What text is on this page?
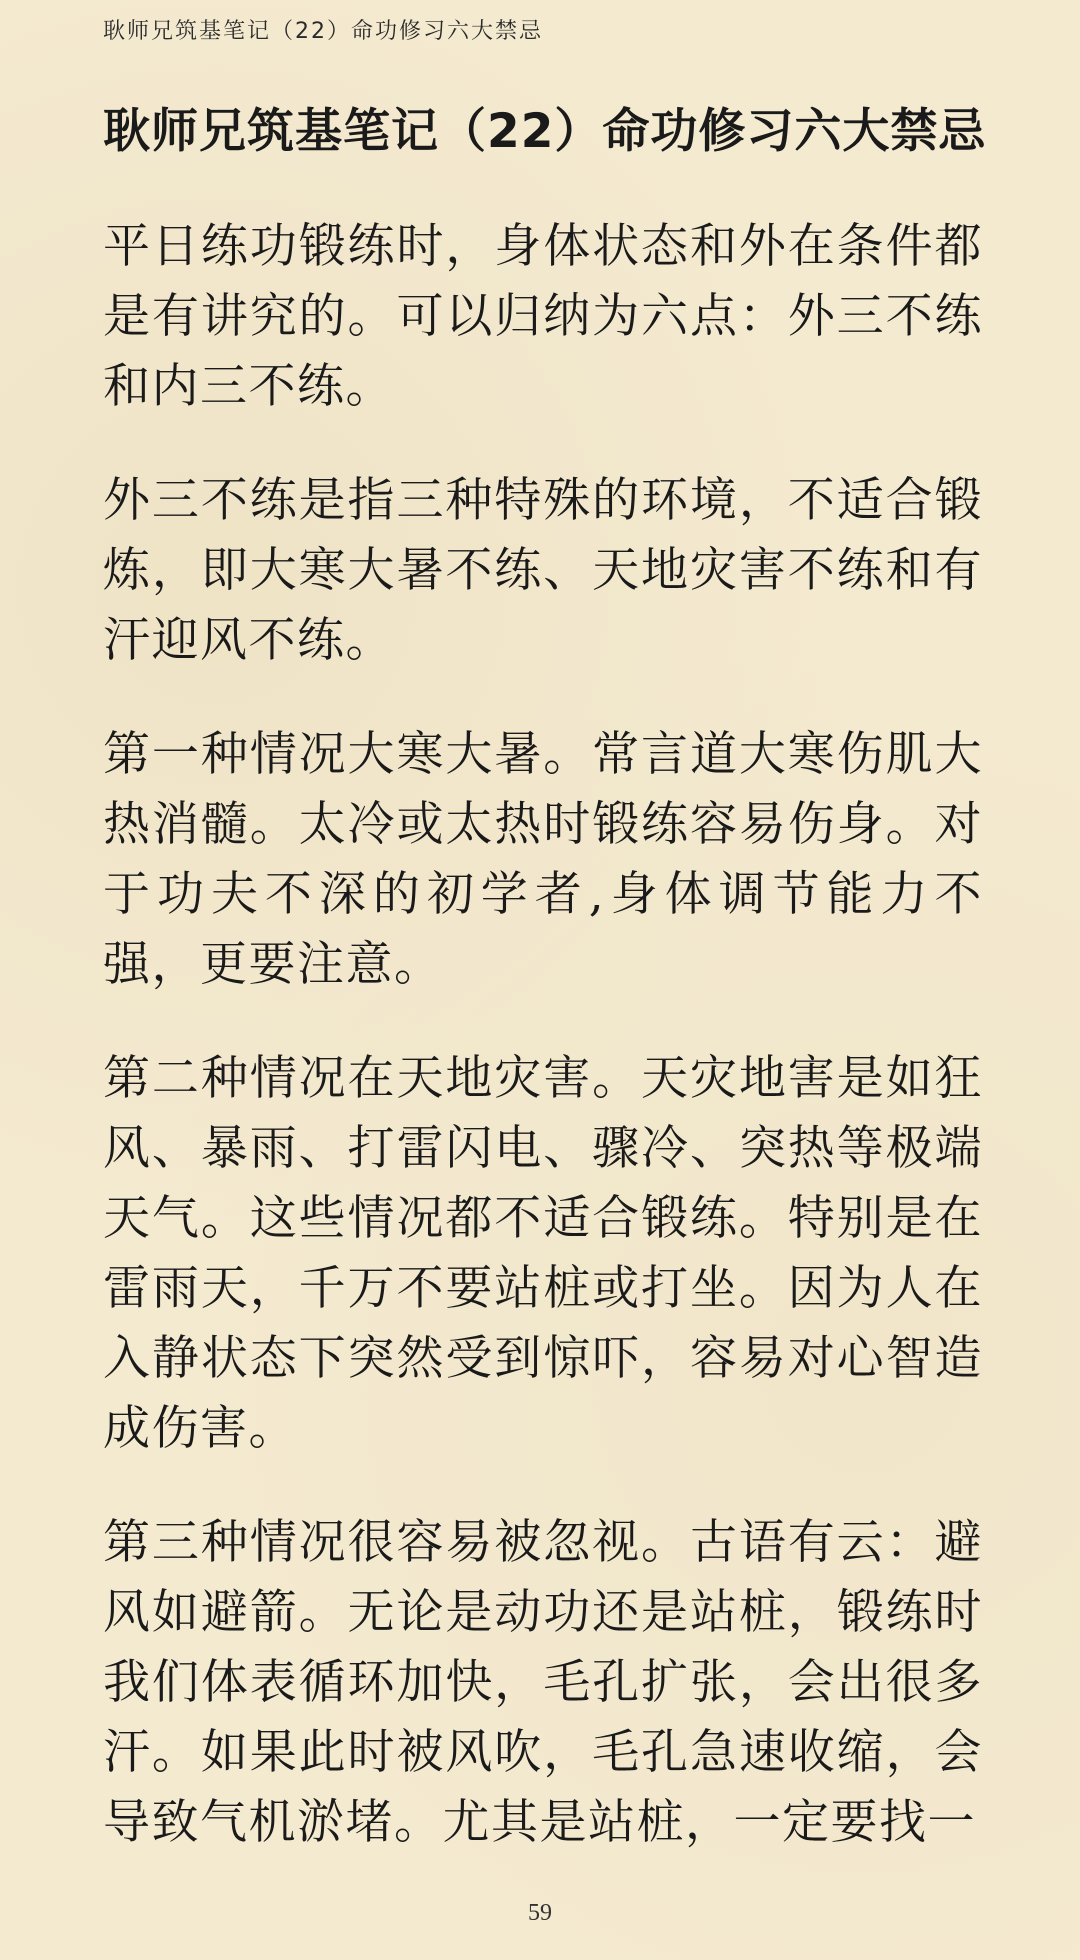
耿师兄筑基笔记（22）命功修习六大禁忌
耿师兄筑基笔记（22）命功修习六大禁忌

平日练功锻练时，身体状态和外在条件都是有讲究的。可以归纳为六点：外三不练和内三不练。

外三不练是指三种特殊的环境，不适合锻炼，即大寒大暑不练、天地灾害不练和有汗迎风不练。

第一种情况大寒大暑。常言道大寒伤肌大热消髓。太冷或太热时锻练容易伤身。对于功夫不深的初学者,身体调节能力不强，更要注意。

第二种情况在天地灾害。天灾地害是如狂风、暴雨、打雷闪电、骤冷、突热等极端天气。这些情况都不适合锻练。特别是在雷雨天，千万不要站桩或打坐。因为人在入静状态下突然受到惊吓，容易对心智造成伤害。

第三种情况很容易被忽视。古语有云：避风如避箭。无论是动功还是站桩，锻练时我们体表循环加快，毛孔扩张，会出很多汗。如果此时被风吹，毛孔急速收缩，会导致气机淤堵。尤其是站桩，一定要找一

59
